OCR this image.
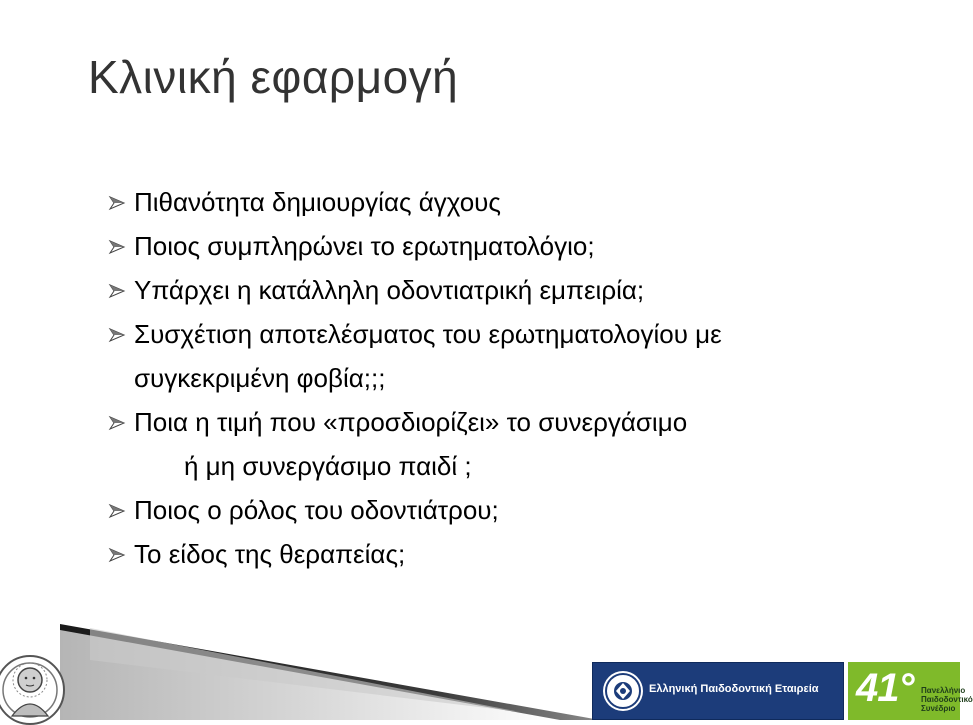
Κλινική εφαρμογή
Πιθανότητα δημιουργίας άγχους
Ποιος συμπληρώνει το ερωτηματολόγιο;
Υπάρχει η κατάλληλη οδοντιατρική εμπειρία;
Συσχέτιση αποτελέσματος του ερωτηματολογίου με
συγκεκριμένη φοβία;;;
Ποια η τιμή που «προσδιορίζει» το συνεργάσιμο
ή μη συνεργάσιμο παιδί ;
Ποιος ο ρόλος του οδοντιάτρου;
Το είδος της θεραπείας;
Ελληνική Παιδοδοντική Εταιρεία 41° Πανελλήνιο
Παιδοδοντικό
Συνέδριο
